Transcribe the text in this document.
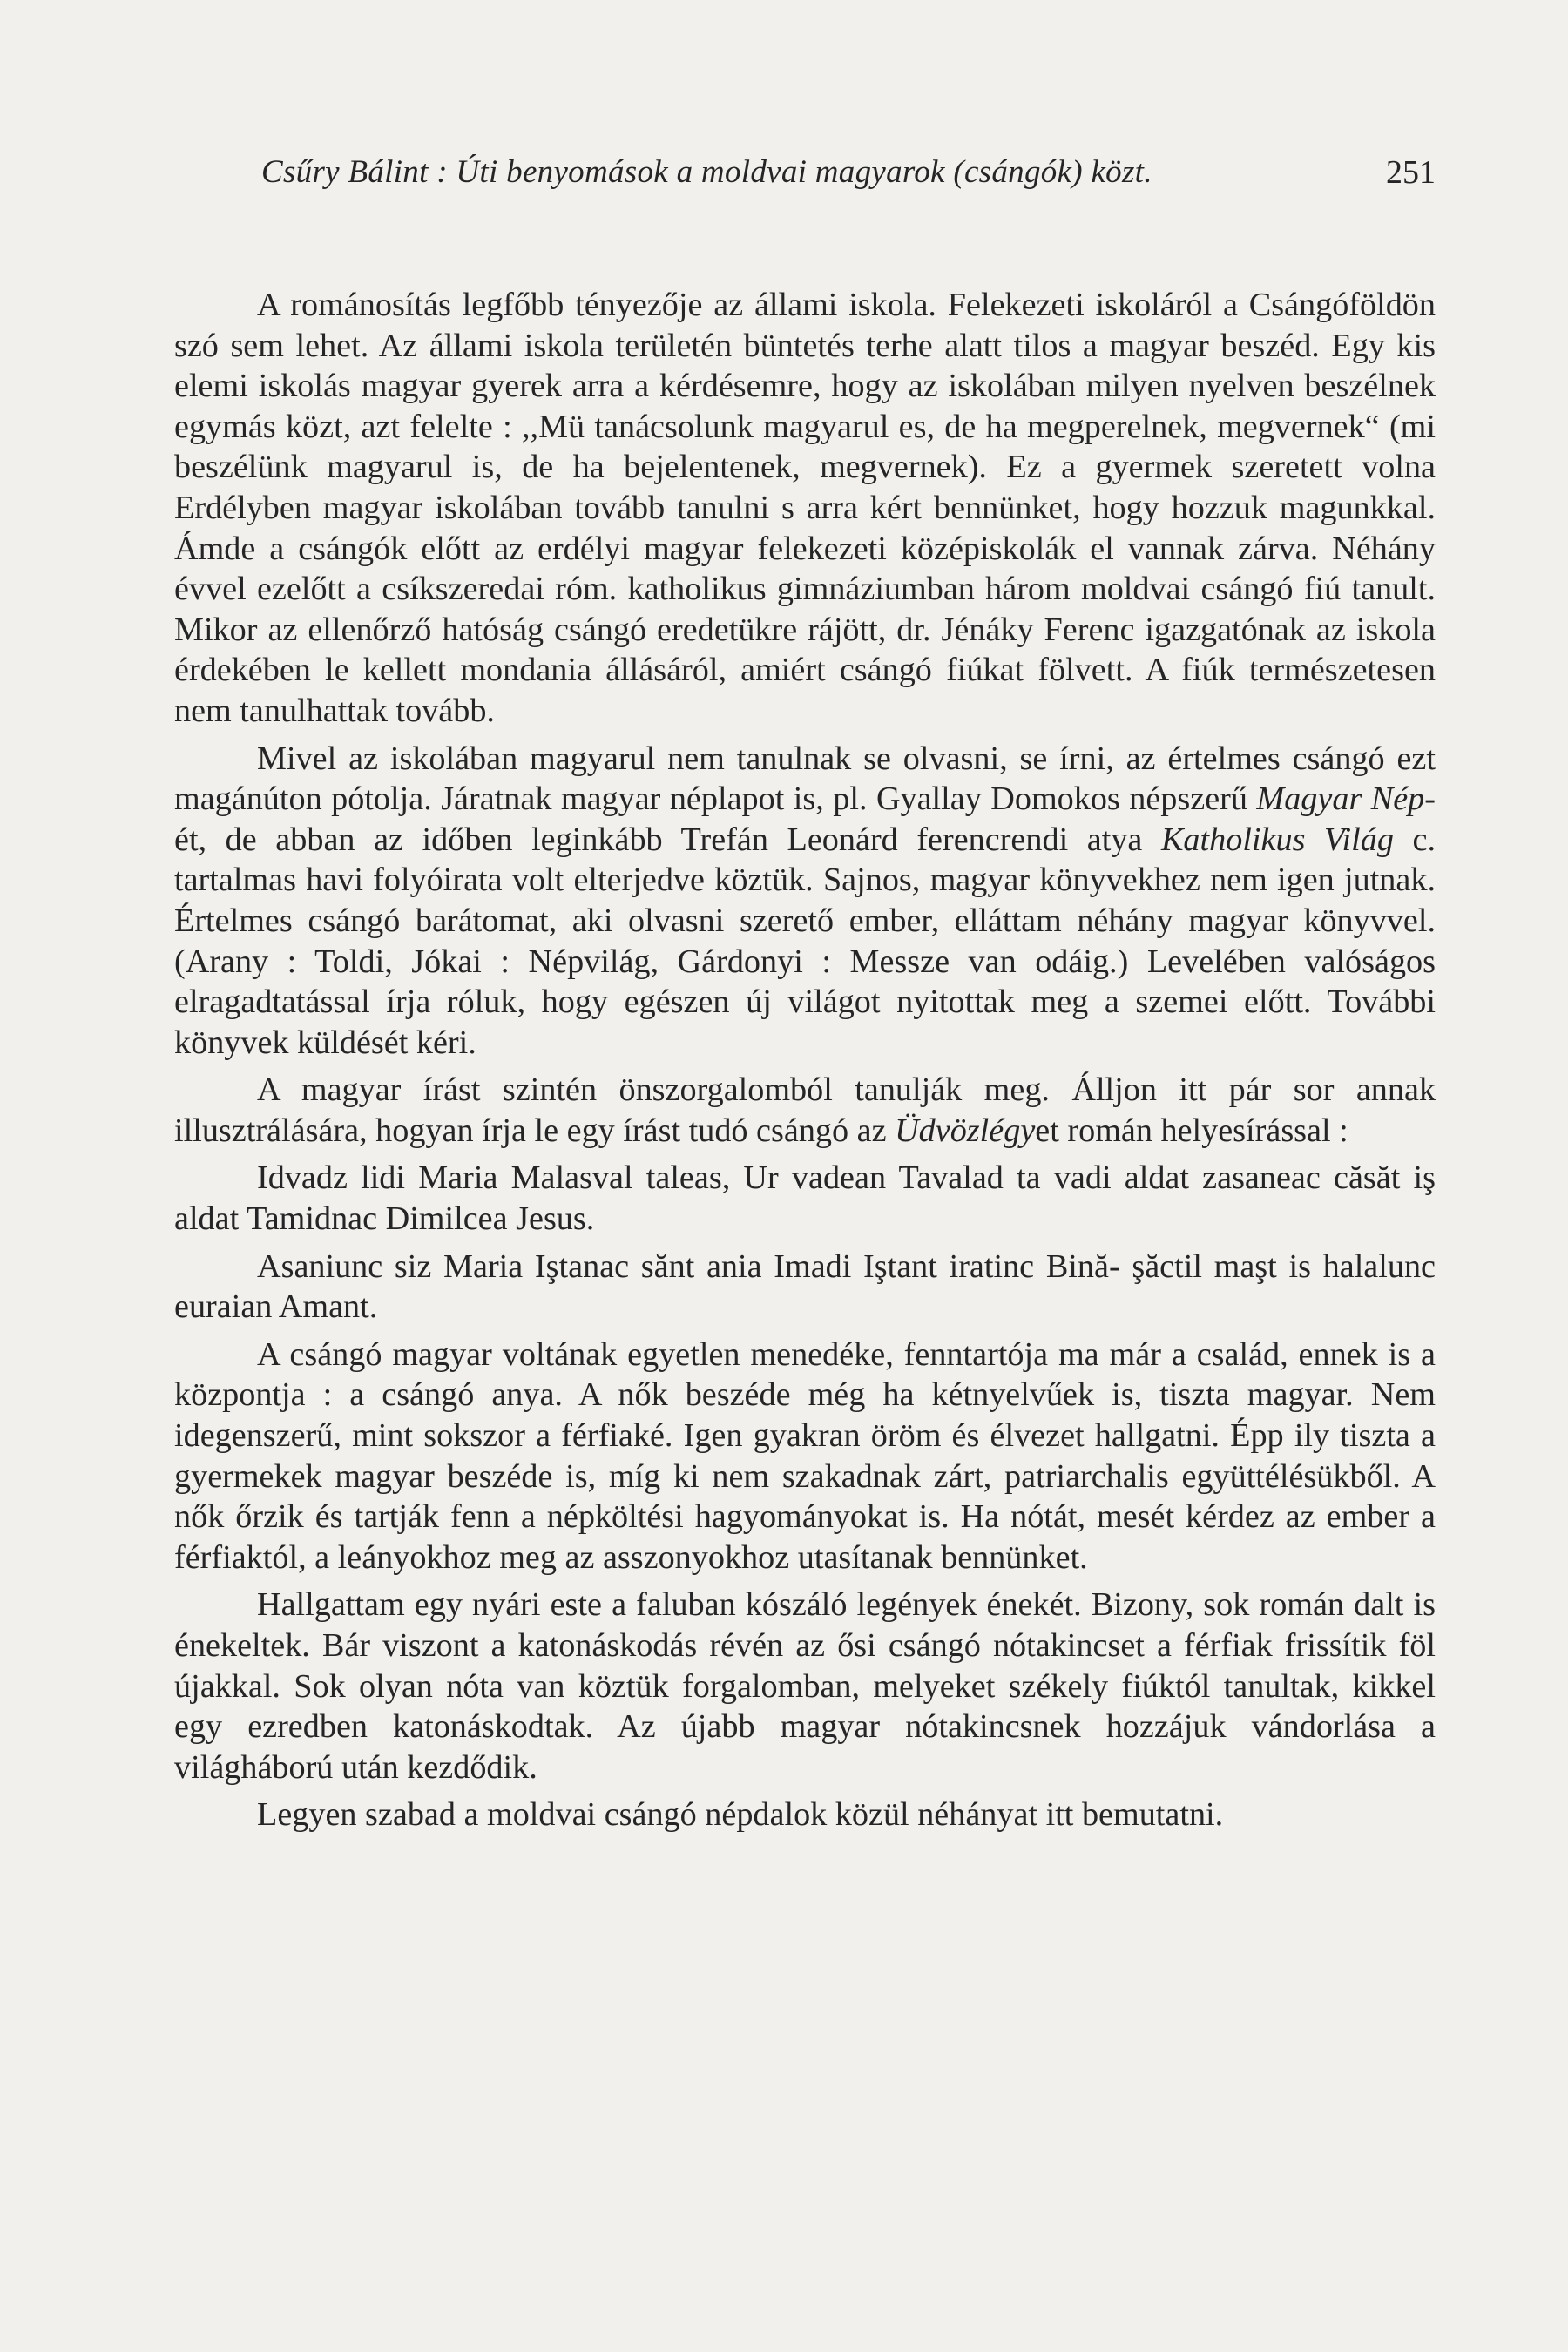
Csűry Bálint : Úti benyomások a moldvai magyarok (csángók) közt.	251

A románosítás legfőbb tényezője az állami iskola. Felekezeti iskoláról a Csángóföldön szó sem lehet. Az állami iskola területén büntetés terhe alatt tilos a magyar beszéd. Egy kis elemi iskolás magyar gyerek arra a kérdésemre, hogy az iskolában milyen nyelven beszélnek egymás közt, azt felelte : ,,Mü tanácsolunk magyarul es, de ha megperelnek, megvernek“ (mi beszélünk magyarul is, de ha bejelentenek, megvernek). Ez a gyermek szeretett volna Erdélyben magyar iskolában tovább tanulni s arra kért bennünket, hogy hozzuk magunkkal. Ámde a csángók előtt az erdélyi magyar felekezeti középiskolák el vannak zárva. Néhány évvel ezelőtt a csíkszeredai róm. katholikus gimnáziumban három moldvai csángó fiú tanult. Mikor az ellenőrző hatóság csángó eredetükre rájött, dr. Jénáky Ferenc igazgatónak az iskola érdekében le kellett mondania állásáról, amiért csángó fiúkat fölvett. A fiúk természetesen nem tanulhattak tovább.

Mivel az iskolában magyarul nem tanulnak se olvasni, se írni, az értelmes csángó ezt magánúton pótolja. Járatnak magyar néplapot is, pl. Gyallay Domokos népszerű Magyar Nép-ét, de abban az időben leginkább Trefán Leonárd ferencrendi atya Katholikus Világ c. tartalmas havi folyóirata volt elterjedve köztük. Sajnos, magyar könyvekhez nem igen jutnak. Értelmes csángó barátomat, aki olvasni szerető ember, elláttam néhány magyar könyvvel. (Arany : Toldi, Jókai : Népvilág, Gárdonyi : Messze van odáig.) Levelében valóságos elragadtatással írja róluk, hogy egészen új világot nyitottak meg a szemei előtt. További könyvek küldését kéri.

A magyar írást szintén önszorgalomból tanulják meg. Álljon itt pár sor annak illusztrálására, hogyan írja le egy írást tudó csángó az Üdvözlégyet román helyesírással :

Idvadz lidi Maria Malasval taleas, Ur vadean Tavalad ta vadi aldat zasaneac căsăt iş aldat Tamidnac Dimilcea Jesus.

Asaniunc siz Maria Iştanac sănt ania Imadi Iştant iratinc Bină- şăctil maşt is halalunc euraian Amant.

A csángó magyar voltának egyetlen menedéke, fenntartója ma már a család, ennek is a központja : a csángó anya. A nők beszéde még ha kétnyelvűek is, tiszta magyar. Nem idegenszerű, mint sokszor a férfiaké. Igen gyakran öröm és élvezet hallgatni. Épp ily tiszta a gyermekek magyar beszéde is, míg ki nem szakadnak zárt, patriarchalis együttélésükből. A nők őrzik és tartják fenn a népköltési hagyományokat is. Ha nótát, mesét kérdez az ember a férfiaktól, a leányokhoz meg az asszonyokhoz utasítanak bennünket.

Hallgattam egy nyári este a faluban kószáló legények énekét. Bizony, sok román dalt is énekeltek. Bár viszont a katonáskodás révén az ősi csángó nótakincset a férfiak frissítik föl újakkal. Sok olyan nóta van köztük forgalomban, melyeket székely fiúktól tanultak, kikkel egy ezredben katonáskodtak. Az újabb magyar nótakincsnek hozzájuk vándorlása a világháború után kezdődik.

Legyen szabad a moldvai csángó népdalok közül néhányat itt bemutatni.
